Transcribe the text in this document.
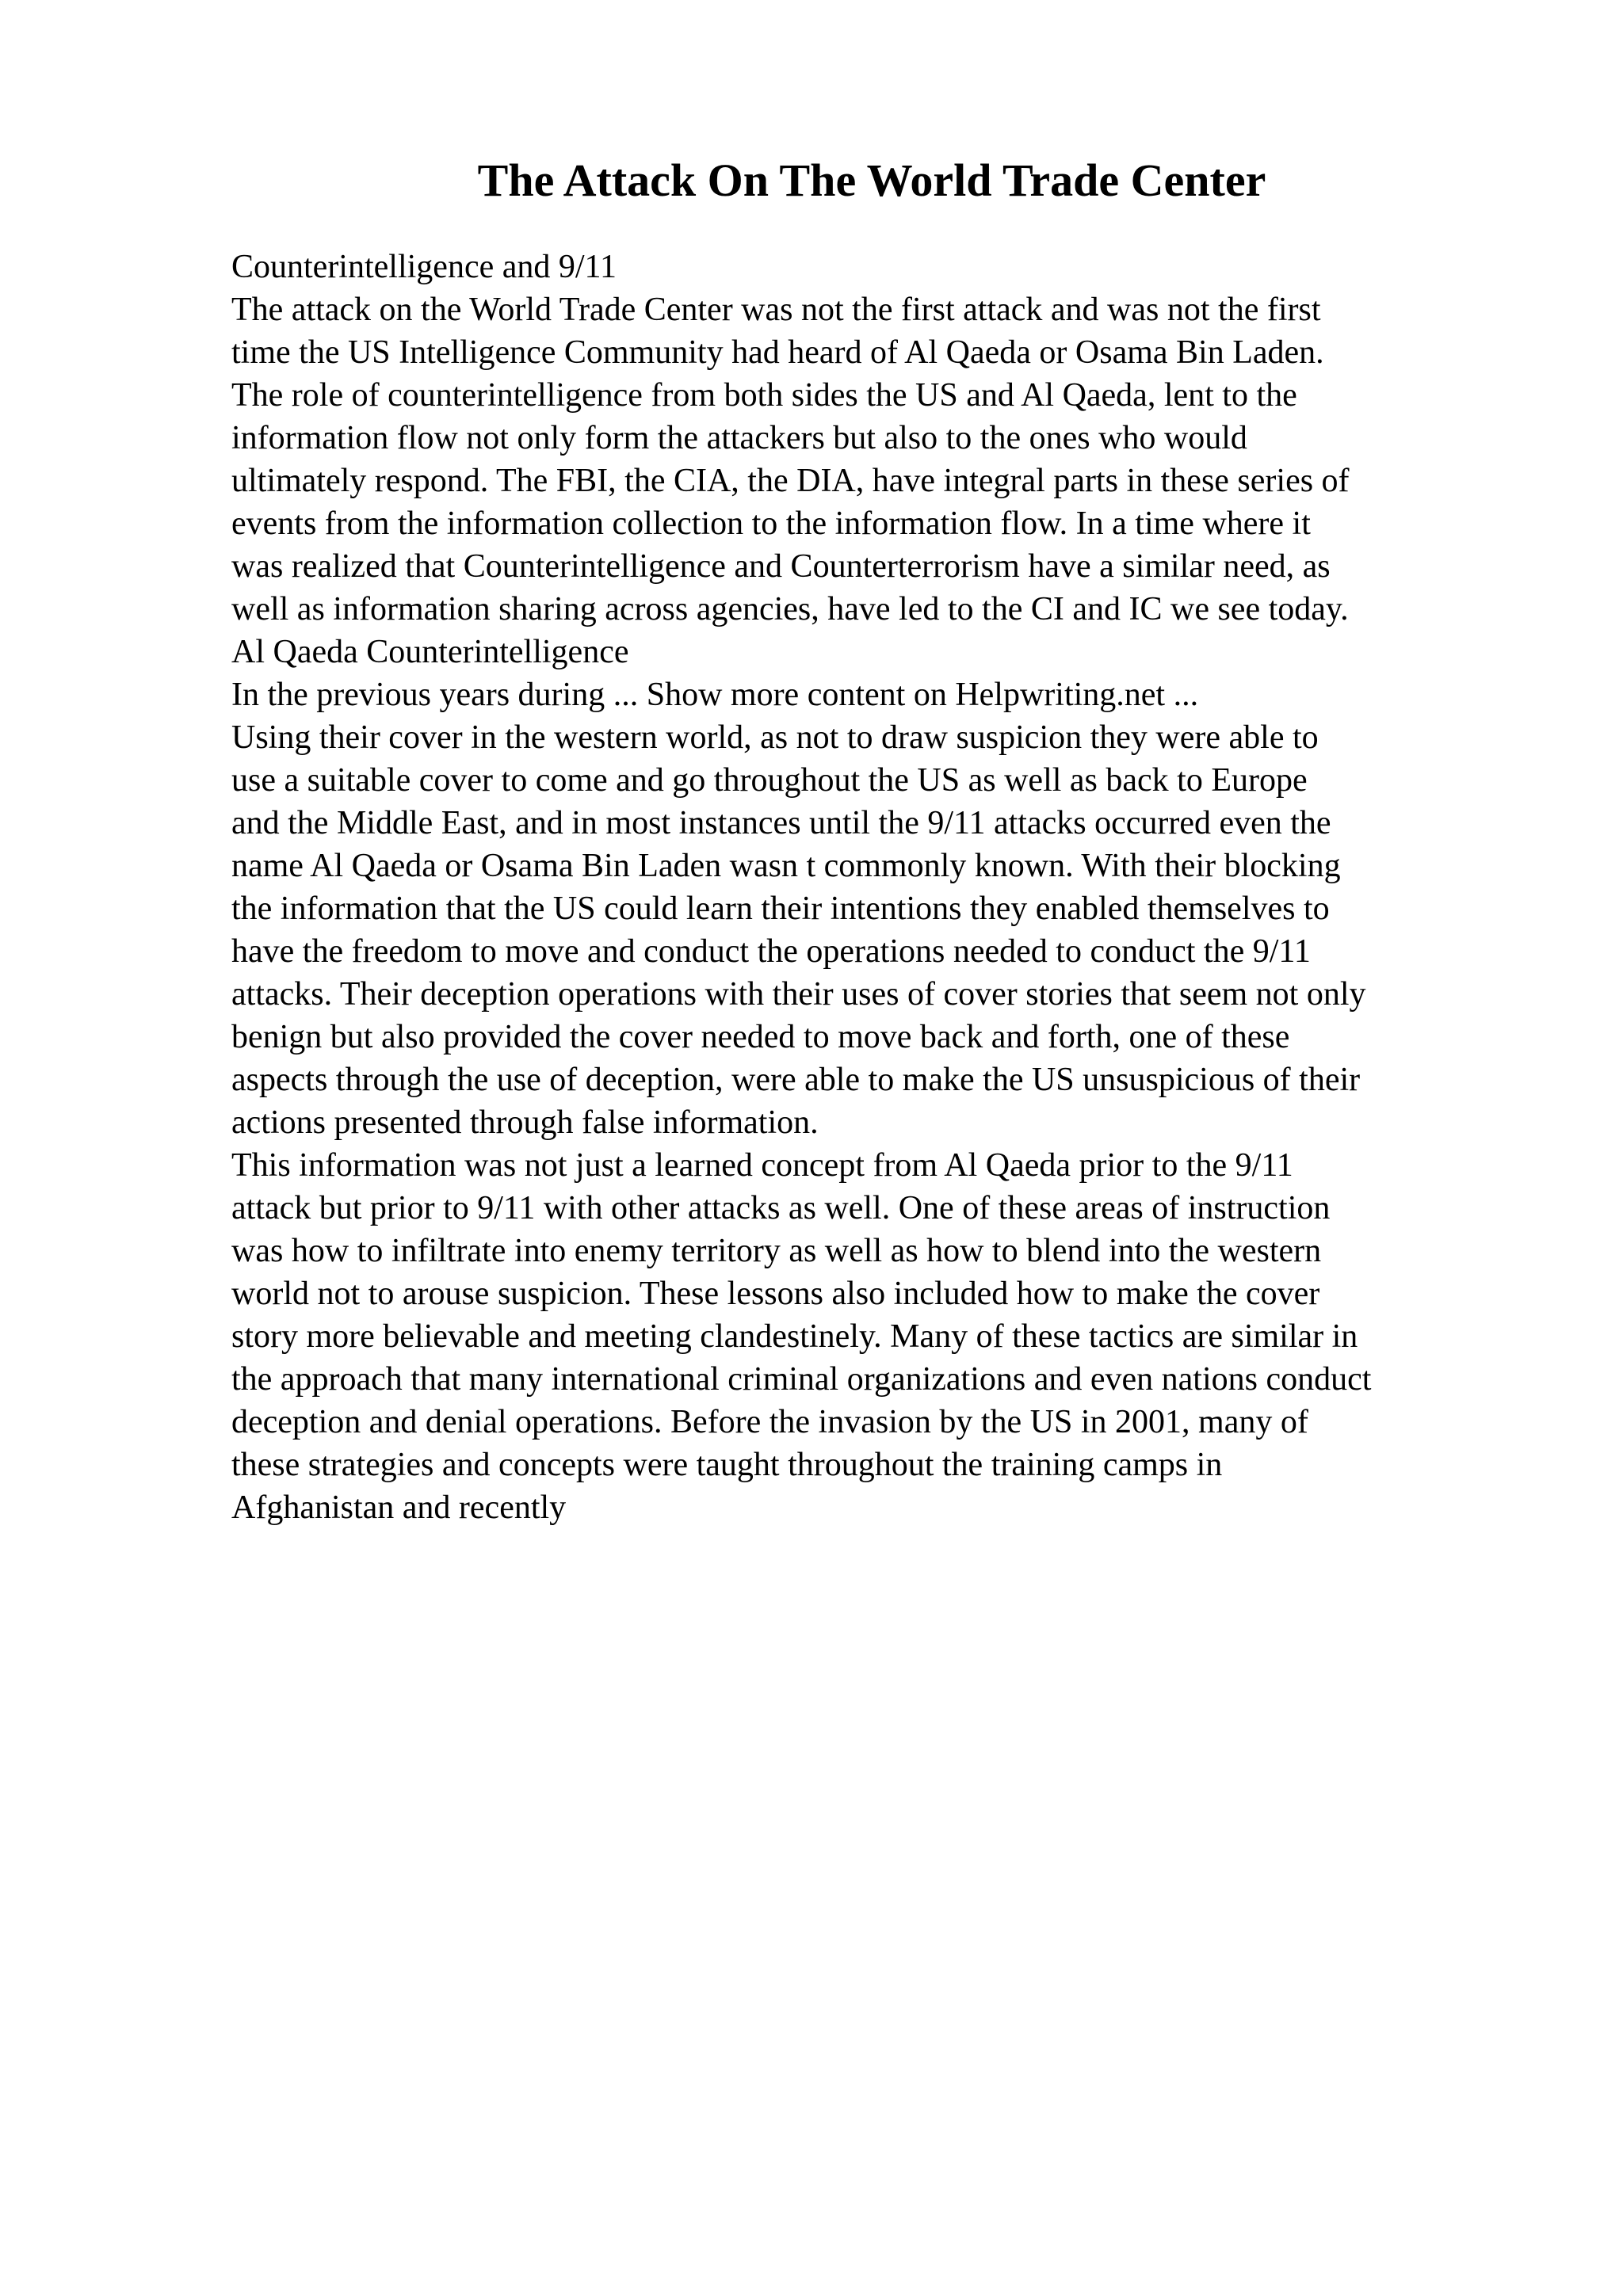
The Attack On The World Trade Center
Counterintelligence and 9/11
The attack on the World Trade Center was not the first attack and was not the first
time the US Intelligence Community had heard of Al Qaeda or Osama Bin Laden.
The role of counterintelligence from both sides the US and Al Qaeda, lent to the
information flow not only form the attackers but also to the ones who would
ultimately respond. The FBI, the CIA, the DIA, have integral parts in these series of
events from the information collection to the information flow. In a time where it
was realized that Counterintelligence and Counterterrorism have a similar need, as
well as information sharing across agencies, have led to the CI and IC we see today.
Al Qaeda Counterintelligence
In the previous years during ... Show more content on Helpwriting.net ...
Using their cover in the western world, as not to draw suspicion they were able to
use a suitable cover to come and go throughout the US as well as back to Europe
and the Middle East, and in most instances until the 9/11 attacks occurred even the
name Al Qaeda or Osama Bin Laden wasn t commonly known. With their blocking
the information that the US could learn their intentions they enabled themselves to
have the freedom to move and conduct the operations needed to conduct the 9/11
attacks. Their deception operations with their uses of cover stories that seem not only
benign but also provided the cover needed to move back and forth, one of these
aspects through the use of deception, were able to make the US unsuspicious of their
actions presented through false information.
This information was not just a learned concept from Al Qaeda prior to the 9/11
attack but prior to 9/11 with other attacks as well. One of these areas of instruction
was how to infiltrate into enemy territory as well as how to blend into the western
world not to arouse suspicion. These lessons also included how to make the cover
story more believable and meeting clandestinely. Many of these tactics are similar in
the approach that many international criminal organizations and even nations conduct
deception and denial operations. Before the invasion by the US in 2001, many of
these strategies and concepts were taught throughout the training camps in
Afghanistan and recently
